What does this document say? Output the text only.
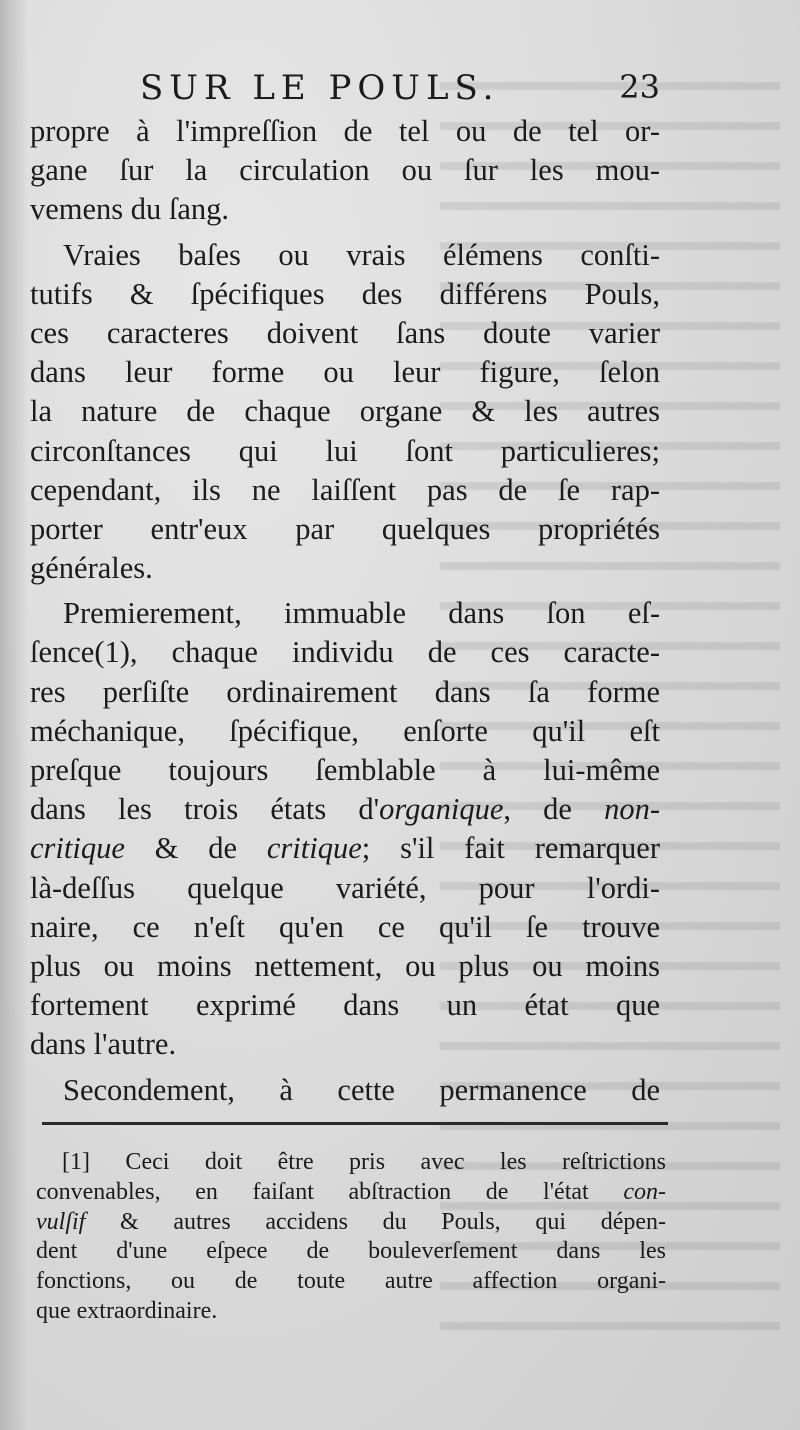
SUR LE POULS.	23
propre à l'impreſſion de tel ou de tel or-
gane ſur la circulation ou ſur les mou-
vemens du ſang.
Vraies baſes ou vrais élémens conſti-
tutifs & ſpécifiques des différens Pouls,
ces caracteres doivent ſans doute varier
dans leur forme ou leur figure, ſelon
la nature de chaque organe & les autres
circonſtances qui lui ſont particulieres;
cependant, ils ne laiſſent pas de ſe rap-
porter entr'eux par quelques propriétés
générales.
Premierement, immuable dans ſon eſ-
ſence(1), chaque individu de ces caracte-
res perſiſte ordinairement dans ſa forme
méchanique, ſpécifique, enſorte qu'il eſt
preſque toujours ſemblable à lui-même
dans les trois états d'organique, de non-
critique & de critique; s'il fait remarquer
là-deſſus quelque variété, pour l'ordi-
naire, ce n'eſt qu'en ce qu'il ſe trouve
plus ou moins nettement, ou plus ou moins
fortement exprimé dans un état que
dans l'autre.
Secondement, à cette permanence de
[1] Ceci doit être pris avec les reſtrictions
convenables, en faiſant abſtraction de l'état con-
vulſif & autres accidens du Pouls, qui dépen-
dent d'une eſpece de bouleverſement dans les
fonctions, ou de toute autre affection organi-
que extraordinaire.
